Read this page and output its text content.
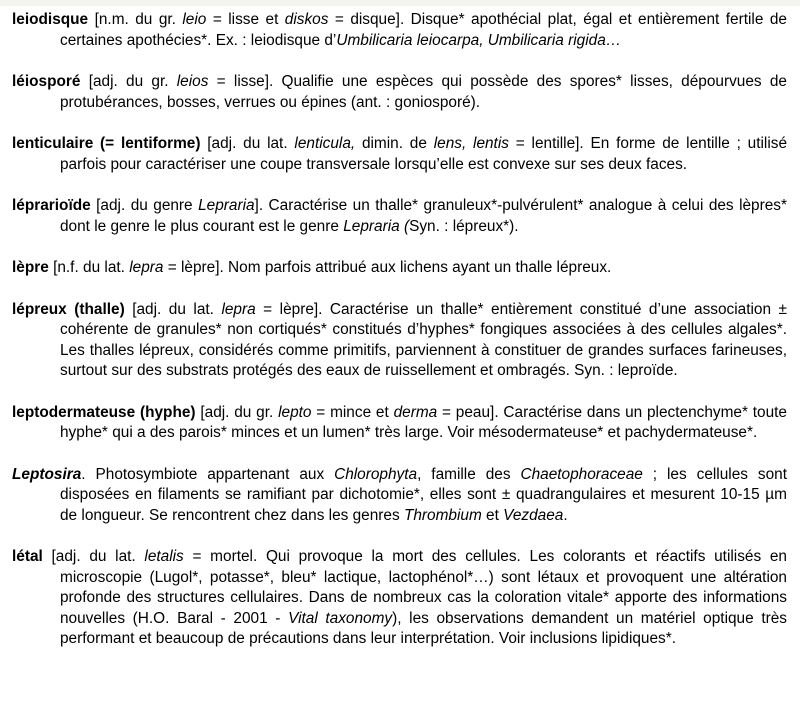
leiodisque [n.m. du gr. leio = lisse et diskos = disque]. Disque* apothécial plat, égal et entièrement fertile de certaines apothécies*. Ex. : leiodisque d’Umbilicaria leiocarpa, Umbilicaria rigida…

léiosporé [adj. du gr. leios = lisse]. Qualifie une espèces qui possède des spores* lisses, dépourvues de protubérances, bosses, verrues ou épines (ant. : goniosporé).

lenticulaire (= lentiforme) [adj. du lat. lenticula, dimin. de lens, lentis = lentille]. En forme de lentille ; utilisé parfois pour caractériser une coupe transversale lorsqu’elle est convexe sur ses deux faces.

léprarioïde [adj. du genre Lepraria]. Caractérise un thalle* granuleux*-pulvérulent* analogue à celui des lèpres* dont le genre le plus courant est le genre Lepraria (Syn. : lépreux*).

lèpre [n.f. du lat. lepra = lèpre]. Nom parfois attribué aux lichens ayant un thalle lépreux.

lépreux (thalle) [adj. du lat. lepra = lèpre]. Caractérise un thalle* entièrement constitué d’une association ± cohérente de granules* non cortiqués* constitués d’hyphes* fongiques associées à des cellules algales*. Les thalles lépreux, considérés comme primitifs, parviennent à constituer de grandes surfaces farineuses, surtout sur des substrats protégés des eaux de ruissellement et ombragés. Syn. : leproïde.

leptodermateuse (hyphe) [adj. du gr. lepto = mince et derma = peau]. Caractérise dans un plectenchyme* toute hyphe* qui a des parois* minces et un lumen* très large. Voir mésodermateuse* et pachydermateuse*.

Leptosira. Photosymbiote appartenant aux Chlorophyta, famille des Chaetophoraceae ; les cellules sont disposées en filaments se ramifiant par dichotomie*, elles sont ± quadrangulaires et mesurent 10-15 µm de longueur. Se rencontrent chez dans les genres Thrombium et Vezdaea.

létal [adj. du lat. letalis = mortel. Qui provoque la mort des cellules. Les colorants et réactifs utilisés en microscopie (Lugol*, potasse*, bleu* lactique, lactophénol*…) sont létaux et provoquent une altération profonde des structures cellulaires. Dans de nombreux cas la coloration vitale* apporte des informations nouvelles (H.O. Baral - 2001 - Vital taxonomy), les observations demandent un matériel optique très performant et beaucoup de précautions dans leur interprétation. Voir inclusions lipidiques*.
